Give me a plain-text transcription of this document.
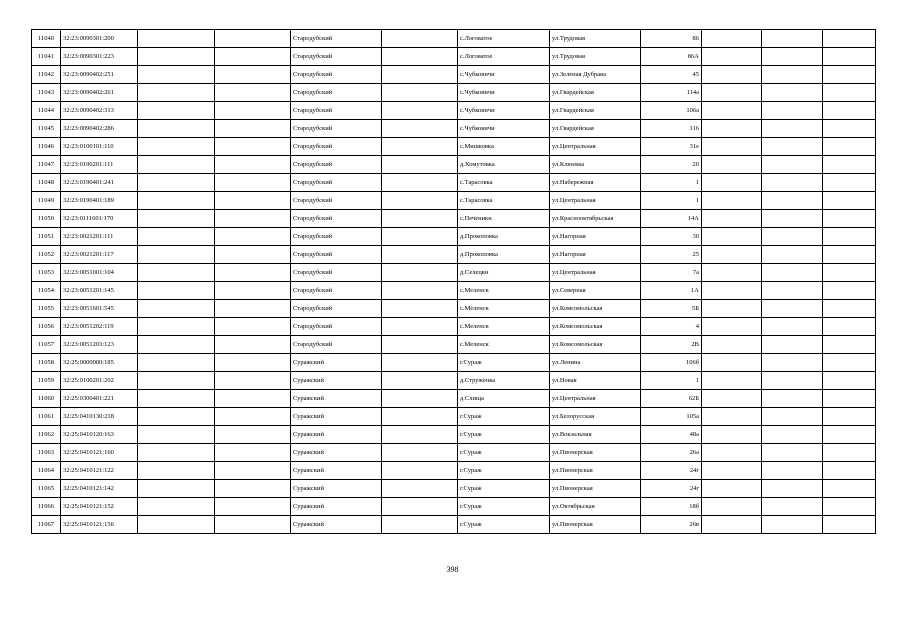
11040	32:23:0090301:200			Стародубский		с.Логоватое	ул.Трудовая	86			
11041	32:23:0090301:223			Стародубский		с.Логоватое	ул.Трудовая	86А			
11042	32:23:0090402:251			Стародубский		с.Чубковичи	ул.Зеленая Дубрава	45			
11043	32:23:0090402:261			Стародубский		с.Чубковичи	ул.Гвардейская	114а			
11044	32:23:0090402:313			Стародубский		с.Чубковичи	ул.Гвардейская	106а			
11045	32:23:0090402:286			Стародубский		с.Чубковичи	ул.Гвардейская	116			
11046	32:23:0100101:110			Стародубский		с.Мишковка	ул.Центральная	31е			
11047	32:23:0190201:111			Стародубский		д.Хомутовка	ул.Клюевка	20			
11048	32:23:0190401:241			Стародубский		с.Тарасовка	ул.Набережная	1			
11049	32:23:0190401:189			Стародубский		с.Тарасовка	ул.Центральная	1			
11050	32:23:0111601:170			Стародубский		с.Печеники	ул.Краснооктябрьская	14А			
11051	32:23:0021201:111			Стародубский		д.Прокоповка	ул.Нагорная	30			
11052	32:23:0021201:117			Стародубский		д.Прокоповка	ул.Нагорная	25			
11053	32:23:0051001:104			Стародубский		д.Селецкн	ул.Центральная	7а			
11054	32:23:0051201:145			Стародубский		с.Меленск	ул.Северная	1А			
11055	32:23:0051601:545			Стародубский		с.Меленск	ул.Комсомольская	5Б			
11056	32:23:0051202:119			Стародубский		с.Меленск	ул.Комсомольская	4			
11057	32:23:0051203:123			Стародубский		с.Меленск	ул.Комсомольская	2В			
11058	32:25:0000000:185			Суражский		г.Сураж	ул.Ленина	106б			
11059	32:25:0100201:202			Суражский		д.Струженка	ул.Новая	1			
11060	32:25:0300401:221			Суражский		д.Слища	ул.Центральная	62Б			
11061	32:25:0410130:218			Суражский		г.Сураж	ул.Белорусская	105а			
11062	32:25:0410120:163			Суражский		г.Сураж	ул.Вокзальная	48а			
11063	32:25:0410121:160			Суражский		г.Сураж	ул.Пионерская	26а			
11064	32:25:0410121:122			Суражский		г.Сураж	ул.Пионерская	24г			
11065	32:25:0410121:142			Суражский		г.Сураж	ул.Пионерская	24г			
11066	32:25:0410121:152			Суражский		г.Сураж	ул.Октябрьская	18б			
11067	32:25:0410121:156			Суражский		г.Сураж	ул.Пионерская	26в			
398
